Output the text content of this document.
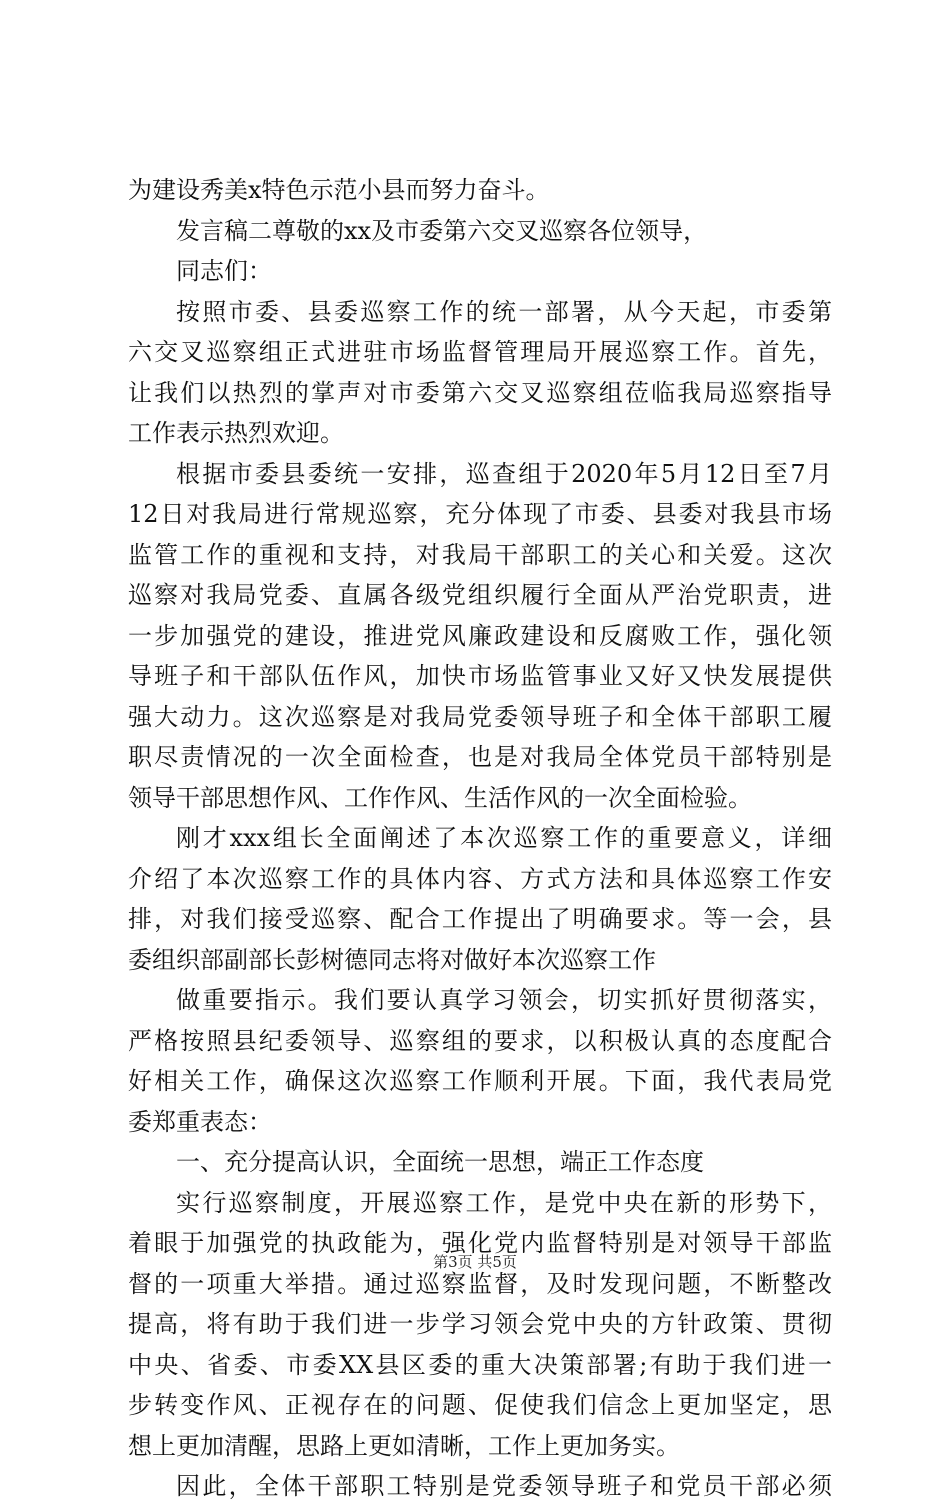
为建设秀美x特色示范小县而努力奋斗。
发言稿二尊敬的xx及市委第六交叉巡察各位领导，
同志们：
按照市委、县委巡察工作的统一部署，从今天起，市委第
六交叉巡察组正式进驻市场监督管理局开展巡察工作。首先，
让我们以热烈的掌声对市委第六交叉巡察组莅临我局巡察指导
工作表示热烈欢迎。
根据市委县委统一安排，巡查组于2020年5月12日至7月
12日对我局进行常规巡察，充分体现了市委、县委对我县市场
监管工作的重视和支持，对我局干部职工的关心和关爱。这次
巡察对我局党委、直属各级党组织履行全面从严治党职责，进
一步加强党的建设，推进党风廉政建设和反腐败工作，强化领
导班子和干部队伍作风，加快市场监管事业又好又快发展提供
强大动力。这次巡察是对我局党委领导班子和全体干部职工履
职尽责情况的一次全面检查，也是对我局全体党员干部特别是
领导干部思想作风、工作作风、生活作风的一次全面检验。
刚才xxx组长全面阐述了本次巡察工作的重要意义，详细
介绍了本次巡察工作的具体内容、方式方法和具体巡察工作安
排，对我们接受巡察、配合工作提出了明确要求。等一会，县
委组织部副部长彭树德同志将对做好本次巡察工作
做重要指示。我们要认真学习领会，切实抓好贯彻落实，
严格按照县纪委领导、巡察组的要求，以积极认真的态度配合
好相关工作，确保这次巡察工作顺利开展。下面，我代表局党
委郑重表态：
一、充分提高认识，全面统一思想，端正工作态度
实行巡察制度，开展巡察工作，是党中央在新的形势下，
着眼于加强党的执政能为，强化党内监督特别是对领导干部监
督的一项重大举措。通过巡察监督，及时发现问题，不断整改
提高，将有助于我们进一步学习领会党中央的方针政策、贯彻
中央、省委、市委XX县区委的重大决策部署;有助于我们进一
步转变作风、正视存在的问题、促使我们信念上更加坚定，思
想上更加清醒，思路上更如清晰，工作上更加务实。
因此，全体干部职工特别是党委领导班子和党员干部必须
第3页 共5页
